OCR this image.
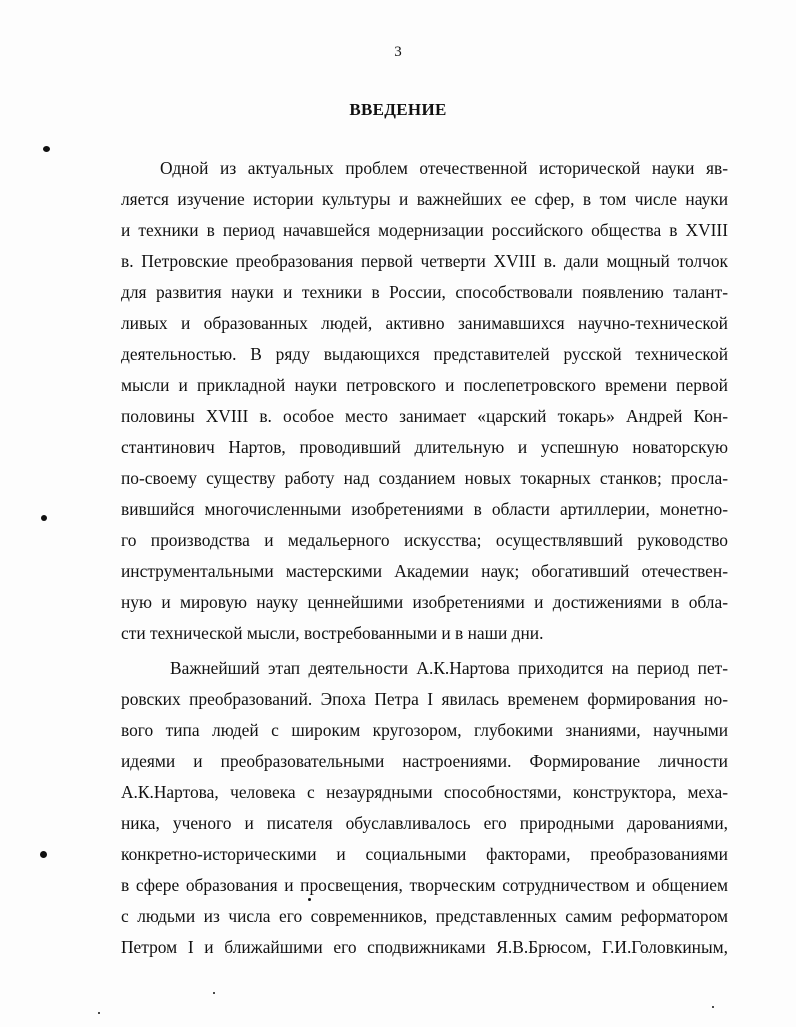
3
ВВЕДЕНИЕ
Одной из актуальных проблем отечественной исторической науки яв-
ляется изучение истории культуры и важнейших ее сфер, в том числе науки
и техники в период начавшейся модернизации российского общества в XVIII
в. Петровские преобразования первой четверти XVIII в. дали мощный толчок
для развития науки и техники в России, способствовали появлению талант-
ливых и образованных людей, активно занимавшихся научно-технической
деятельностью. В ряду выдающихся представителей русской технической
мысли и прикладной науки петровского и послепетровского времени первой
половины XVIII в. особое место занимает «царский токарь» Андрей Кон-
стантинович Нартов, проводивший длительную и успешную новаторскую
по-своему существу работу над созданием новых токарных станков; просла-
вившийся многочисленными изобретениями в области артиллерии, монетно-
го производства и медальерного искусства; осуществлявший руководство
инструментальными мастерскими Академии наук; обогативший отечествен-
ную и мировую науку ценнейшими изобретениями и достижениями в обла-
сти технической мысли, востребованными и в наши дни.
Важнейший этап деятельности А.К.Нартова приходится на период пет-
ровских преобразований. Эпоха Петра I явилась временем формирования но-
вого типа людей с широким кругозором, глубокими знаниями, научными
идеями и преобразовательными настроениями. Формирование личности
А.К.Нартова, человека с незаурядными способностями, конструктора, меха-
ника, ученого и писателя обуславливалось его природными дарованиями,
конкретно-историческими и социальными факторами, преобразованиями
в сфере образования и просвещения, творческим сотрудничеством и общением
с людьми из числа его современников, представленных самим реформатором
Петром I и ближайшими его сподвижниками Я.В.Брюсом, Г.И.Головкиным,
